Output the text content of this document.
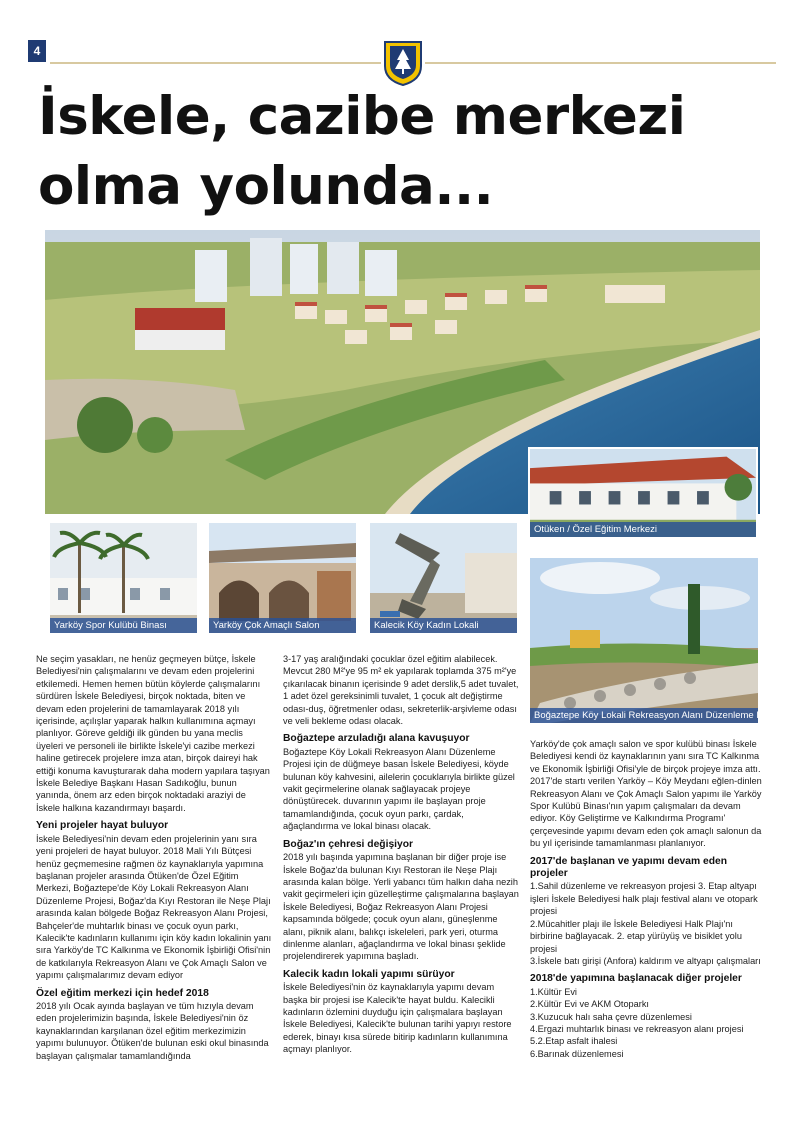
4
İskele, cazibe merkezi
olma yolunda...
Otüken / Özel Eğitim Merkezi
Yarköy Spor Kulübü Binası	Yarköy Çok Amaçlı Salon	Kalecik Köy Kadın Lokali
Boğaztepe Köy Lokali Rekreasyon Alanı Düzenleme Projesi

Ne seçim yasakları, ne henüz geçmeyen bütçe, İskele Belediyesi'nin çalışmalarını ve devam eden projelerini etkilemedi. Hemen hemen bütün köylerde çalışmalarını sürdüren İskele Belediyesi, birçok noktada, biten ve devam eden projelerini de tamamlayarak 2018 yılı içerisinde, açılışlar yaparak halkın kullanımına açmayı planlıyor. Göreve geldiği ilk günden bu yana meclis üyeleri ve personeli ile birlikte İskele'yi cazibe merkezi haline getirecek projelere imza atan, birçok daireyi hak ettiği konuma kavuşturarak daha modern yapılara taşıyan İskele Belediye Başkanı Hasan Sadıkoğlu, bunun yanında, önem arz eden birçok noktadaki araziyi de İskele halkına kazandırmayı başardı.

Yeni projeler hayat buluyor

İskele Belediyesi'nin devam eden projelerinin yanı sıra yeni projeleri de hayat buluyor. 2018 Mali Yılı Bütçesi henüz geçmemesine rağmen öz kaynaklarıyla yapımına başlanan projeler arasında Ötüken'de Özel Eğitim Merkezi, Boğaztepe'de Köy Lokali Rekreasyon Alanı Düzenleme Projesi, Boğaz'da Kıyı Restoran ile Neşe Plajı arasında kalan bölgede Boğaz Rekreasyon Alanı Projesi, Bahçeler'de muhtarlık binası ve çocuk oyun parkı, Kalecik'te kadınların kullanımı için köy kadın lokalinin yanı sıra Yarköy'de TC Kalkınma ve Ekonomik İşbirliği Ofisi'nin de katkılarıyla Rekreasyon Alanı ve Çok Amaçlı Salon ve yapımı çalışmalarımız devam ediyor

Özel eğitim merkezi için hedef 2018

2018 yılı Ocak ayında başlayan ve tüm hızıyla devam eden projelerimizin başında, İskele Belediyesi'nin öz kaynaklarından karşılanan özel eğitim merkezimizin yapımı bulunuyor. Ötüken'de bulunan eski okul binasında başlayan çalışmalar tamamlandığında

3-17 yaş aralığındaki çocuklar özel eğitim alabilecek. Mevcut 280 M²'ye 95 m² ek yapılarak toplamda 375 m²'ye çıkarılacak binanın içerisinde 9 adet derslik,5 adet tuvalet, 1 adet özel gereksinimli tuvalet, 1 çocuk alt değiştirme odası-duş, öğretmenler odası, sekreterlik-arşivleme odası ve veli bekleme odası olacak.

Boğaztepe arzuladığı alana kavuşuyor

Boğaztepe Köy Lokali Rekreasyon Alanı Düzenleme Projesi için de düğmeye basan İskele Belediyesi, köyde bulunan köy kahvesini, ailelerin çocuklarıyla birlikte güzel vakit geçirmelerine olanak sağlayacak projeye dönüştürecek. duvarının yapımı ile başlayan proje tamamlandığında, çocuk oyun parkı, çardak, ağaçlandırma ve lokal binası olacak.

Boğaz'ın çehresi değişiyor

2018 yılı başında yapımına başlanan bir diğer proje ise İskele Boğaz'da bulunan Kıyı Restoran ile Neşe Plajı arasında kalan bölge. Yerli yabancı tüm halkın daha nezih vakit geçirmeleri için güzelleştirme çalışmalarına başlayan İskele Belediyesi, Boğaz Rekreasyon Alanı Projesi kapsamında bölgede; çocuk oyun alanı, güneşlenme alanı, piknik alanı, balıkçı iskeleleri, park yeri, oturma dinlenme alanları, ağaçlandırma ve lokal binası şeklide projelendirerek yapımına başladı.

Kalecik kadın lokali yapımı sürüyor

İskele Belediyesi'nin öz kaynaklarıyla yapımı devam başka bir projesi ise Kalecik'te hayat buldu. Kalecikli kadınların özlemini duyduğu için çalışmalara başlayan İskele Belediyesi, Kalecik'te bulunan tarihi yapıyı restore ederek, binayı kısa sürede bitirip kadınların kullanımına açmayı planlıyor.

Yarköy'de çok amaçlı salon ve spor kulübü binası İskele Belediyesi kendi öz kaynaklarının yanı sıra TC Kalkınma ve Ekonomik İşbirliği Ofisi'yle de birçok projeye imza attı. 2017'de startı verilen Yarköy – Köy Meydanı eğlen-dinlen Rekreasyon Alanı ve Çok Amaçlı Salon yapımı ile Yarköy Spor Kulübü Binası'nın yapım çalışmaları da devam ediyor. Köy Geliştirme ve Kalkındırma Programı' çerçevesinde yapımı devam eden çok amaçlı salonun da bu yıl içerisinde tamamlanması planlanıyor.

2017'de başlanan ve yapımı devam eden projeler
1.Sahil düzenleme ve rekreasyon projesi 3. Etap altyapı işleri İskele Belediyesi halk plajı festival alanı ve otopark projesi
2.Mücahitler plajı ile İskele Belediyesi Halk Plajı'nı birbirine bağlayacak. 2. etap yürüyüş ve bisiklet yolu projesi
3.İskele batı girişi (Anfora) kaldırım ve altyapı çalışmaları
2018'de yapımına başlanacak diğer projeler
1.Kültür Evi
2.Kültür Evi ve AKM Otoparkı
3.Kuzucuk halı saha çevre düzenlemesi
4.Ergazi muhtarlık binası ve rekreasyon alanı projesi
5.2.Etap asfalt ihalesi
6.Barınak düzenlemesi
